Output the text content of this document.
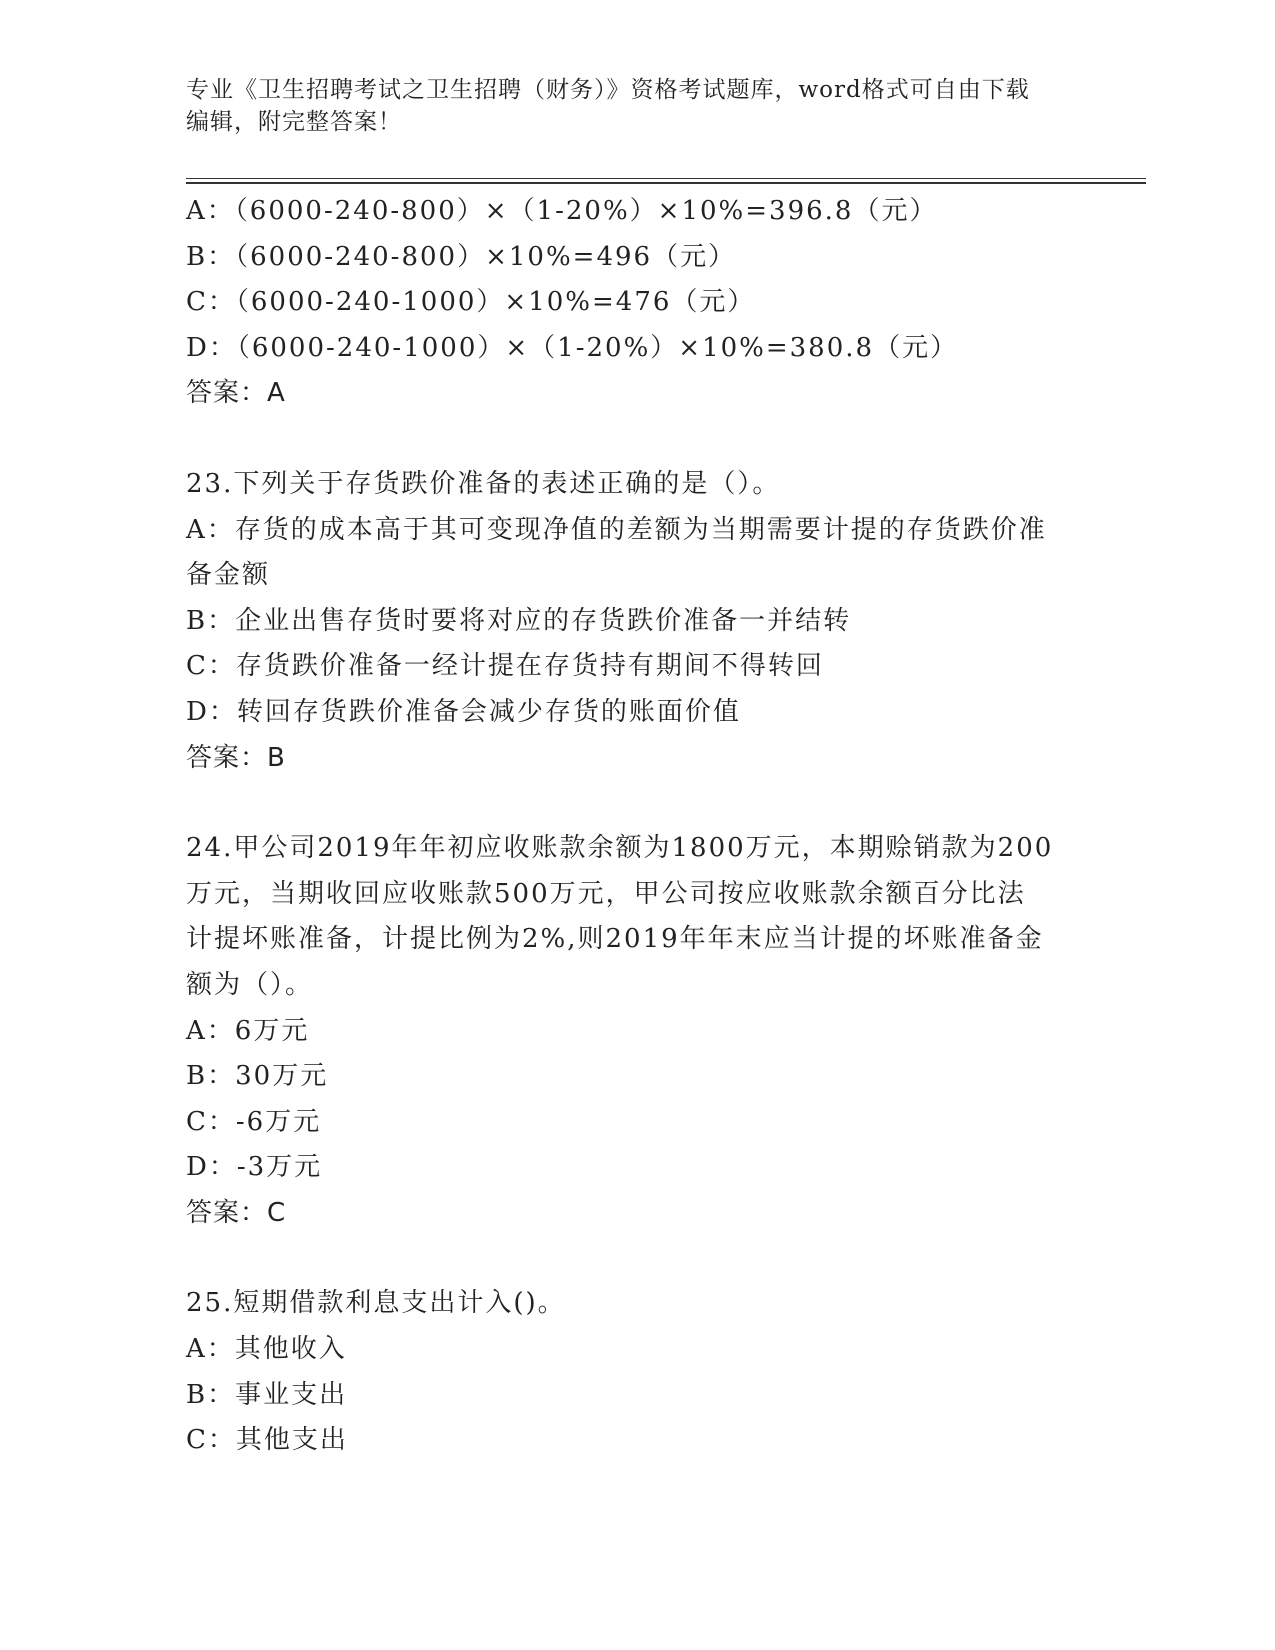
专业《卫生招聘考试之卫生招聘（财务）》资格考试题库，word格式可自由下载
编辑，附完整答案！
A：（6000-240-800）×（1-20%）×10%=396.8（元）
B：（6000-240-800）×10%=496（元）
C：（6000-240-1000）×10%=476（元）
D：（6000-240-1000）×（1-20%）×10%=380.8（元）
答案：A
23.下列关于存货跌价准备的表述正确的是（）。
A：存货的成本高于其可变现净值的差额为当期需要计提的存货跌价准
备金额
B：企业出售存货时要将对应的存货跌价准备一并结转
C：存货跌价准备一经计提在存货持有期间不得转回
D：转回存货跌价准备会减少存货的账面价值
答案：B
24.甲公司2019年年初应收账款余额为1800万元，本期赊销款为200
万元，当期收回应收账款500万元，甲公司按应收账款余额百分比法
计提坏账准备，计提比例为2%,则2019年年末应当计提的坏账准备金
额为（）。
A：6万元
B：30万元
C：-6万元
D：-3万元
答案：C
25.短期借款利息支出计入()。
A：其他收入
B：事业支出
C：其他支出
